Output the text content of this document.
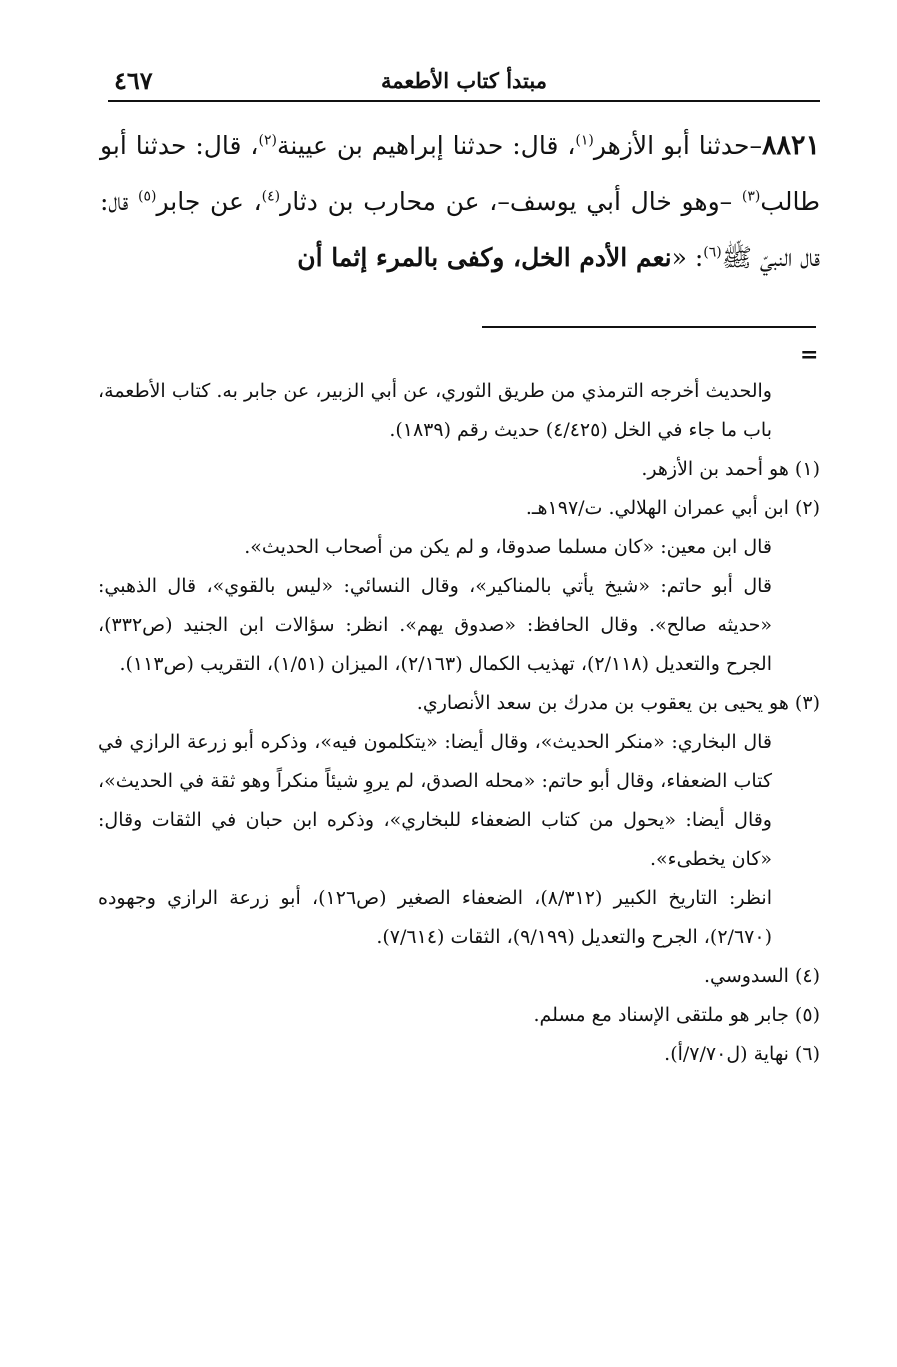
٤٦٧	مبتدأ كتاب الأطعمة
٨٨٢١–حدثنا أبو الأزهر$^{(١)}$، قال: حدثنا إبراهيم بن عيينة$^{(٢)}$، قال: حدثنا أبو طالب$^{(٣)}$ –وهو خال أبي يوسف–، عن محارب بن دثار$^{(٤)}$، عن جابر$^{(٥)}$ قال: قال النبيّ ﷺ$^{(٦)}$: «نعم الأدم الخل، وكفى بالمرء إثما أن
=

والحديث أخرجه الترمذي من طريق الثوري، عن أبي الزبير، عن جابر به. كتاب الأطعمة، باب ما جاء في الخل (٤/٤٢٥) حديث رقم (١٨٣٩).

(١) هو أحمد بن الأزهر.

(٢) ابن أبي عمران الهلالي. ت/١٩٧هـ.

قال ابن معين: «كان مسلما صدوقا، و لم يكن من أصحاب الحديث».

قال أبو حاتم: «شيخ يأتي بالمناكير»، وقال النسائي: «ليس بالقوي»، قال الذهبي: «حديثه صالح». وقال الحافظ: «صدوق يهم». انظر: سؤالات ابن الجنيد (ص٣٣٢)، الجرح والتعديل (٢/١١٨)، تهذيب الكمال (٢/١٦٣)، الميزان (١/٥١)، التقريب (ص١١٣).

(٣) هو يحيى بن يعقوب بن مدرك بن سعد الأنصاري.

قال البخاري: «منكر الحديث»، وقال أيضا: «يتكلمون فيه»، وذكره أبو زرعة الرازي في كتاب الضعفاء، وقال أبو حاتم: «محله الصدق، لم يروِ شيئاً منكراً وهو ثقة في الحديث»، وقال أيضا: «يحول من كتاب الضعفاء للبخاري»، وذكره ابن حبان في الثقات وقال: «كان يخطىء».

انظر: التاريخ الكبير (٨/٣١٢)، الضعفاء الصغير (ص١٢٦)، أبو زرعة الرازي وجهوده (٢/٦٧٠)، الجرح والتعديل (٩/١٩٩)، الثقات (٧/٦١٤).

(٤) السدوسي.

(٥) جابر هو ملتقى الإسناد مع مسلم.

(٦) نهاية (ل٧/٧٠/أ).
